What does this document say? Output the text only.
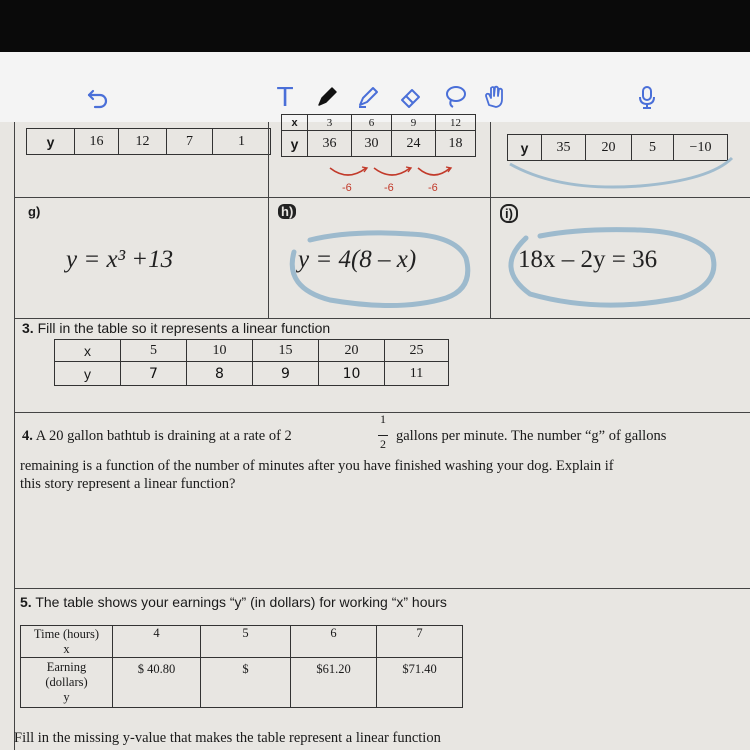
T
y	16	12	7	1
x	3	6	9	12
y	36	30	24	18
-6	-6	-6
y	35	20	5	−10
g)	h)	i)
y = x³ +13	y = 4(8 – x)	18x – 2y = 36
3. Fill in the table so it represents a linear function
x	5	10	15	20	25
y	7	8	9	10	11
4. A 20 gallon bathtub is draining at a rate of 2
1
2 gallons per minute. The number “g” of gallons
remaining is a function of the number of minutes after you have finished washing your dog. Explain if
this story represent a linear function?
5. The table shows your earnings “y” (in dollars) for working “x” hours
Time (hours)
x	4	5	6	7

Earning
(dollars)
y	$ 40.80	$	$61.20	$71.40
Fill in the missing y-value that makes the table represent a linear function
